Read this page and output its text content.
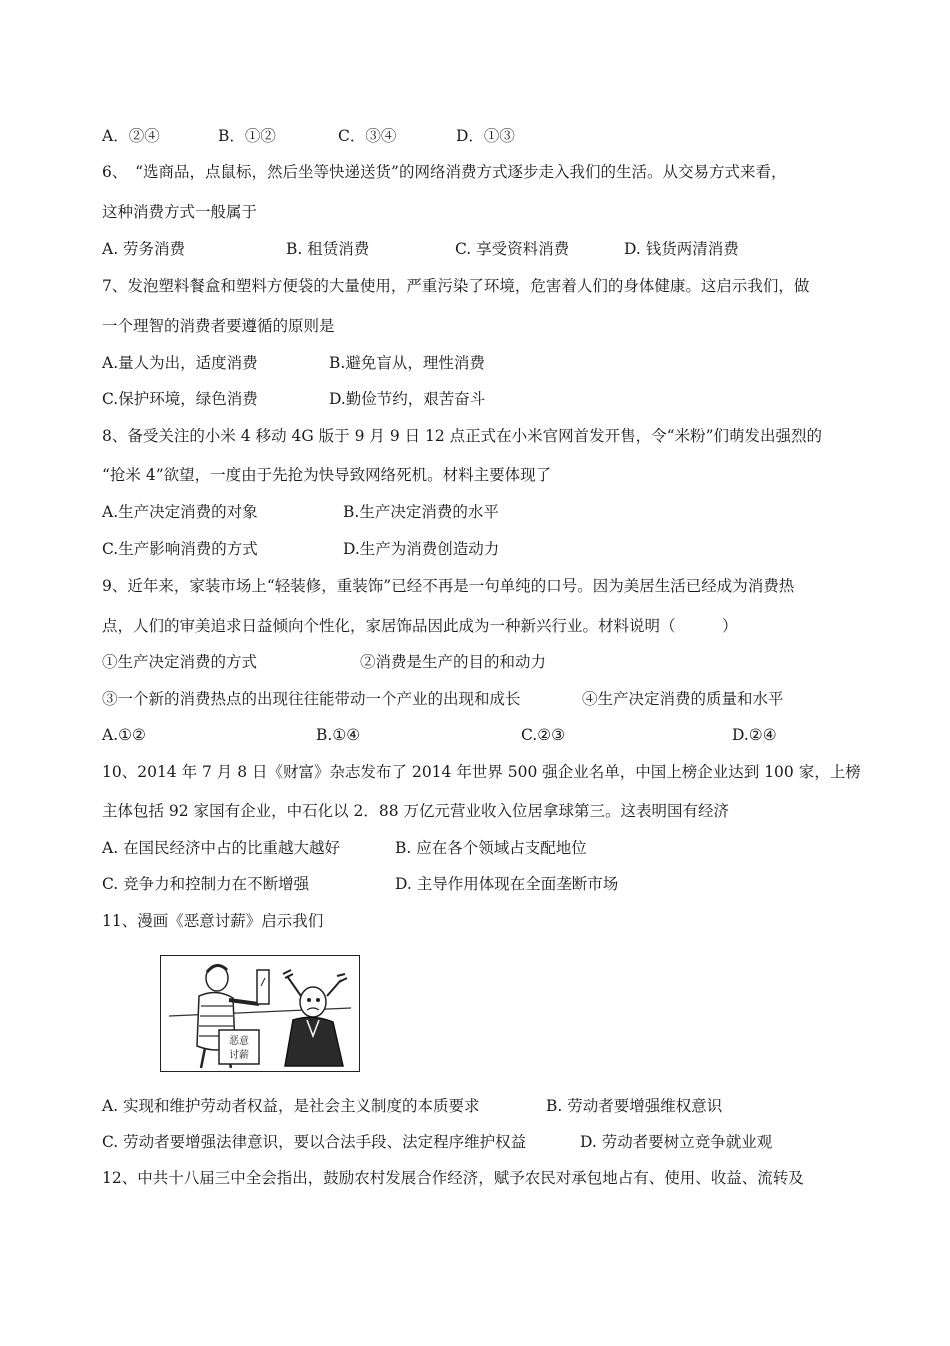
A．②④	B．①②	C．③④	D．①③
6、　“选商品，点鼠标，然后坐等快递送货”的网络消费方式逐步走入我们的生活。从交易方式来看，
这种消费方式一般属于
A. 劳务消费	B. 租赁消费	C. 享受资料消费	D. 钱货两清消费
7、发泡塑料餐盒和塑料方便袋的大量使用，严重污染了环境，危害着人们的身体健康。这启示我们，做
一个理智的消费者要遵循的原则是
A.量人为出，适度消费	B.避免盲从，理性消费
C.保护环境，绿色消费	D.勤俭节约，艰苦奋斗
8、备受关注的小米 4 移动 4G 版于 9 月 9 日 12 点正式在小米官网首发开售，令“米粉”们萌发出强烈的
“抢米 4”欲望，一度由于先抢为快导致网络死机。材料主要体现了
A.生产决定消费的对象	B.生产决定消费的水平
C.生产影响消费的方式	D.生产为消费创造动力
9、近年来，家装市场上“轻装修，重装饰”已经不再是一句单纯的口号。因为美居生活已经成为消费热
点，人们的审美追求日益倾向个性化，家居饰品因此成为一种新兴行业。材料说明（　　　）
①生产决定消费的方式	②消费是生产的目的和动力
③一个新的消费热点的出现往往能带动一个产业的出现和成长	④生产决定消费的质量和水平
A.①②	B.①④	C.②③	D.②④
10、2014 年 7 月 8 日《财富》杂志发布了 2014 年世界 500 强企业名单，中国上榜企业达到 100 家，上榜
主体包括 92 家国有企业，中石化以 2．88 万亿元营业收入位居拿球第三。这表明国有经济
A. 在国民经济中占的比重越大越好	B. 应在各个领域占支配地位
C. 竞争力和控制力在不断增强	D. 主导作用体现在全面垄断市场
11、漫画《恶意讨薪》启示我们
恶意
讨薪
A. 实现和维护劳动者权益，是社会主义制度的本质要求	B. 劳动者要增强维权意识
C. 劳动者要增强法律意识，要以合法手段、法定程序维护权益	D. 劳动者要树立竞争就业观
12、中共十八届三中全会指出，鼓励农村发展合作经济，赋予农民对承包地占有、使用、收益、流转及
